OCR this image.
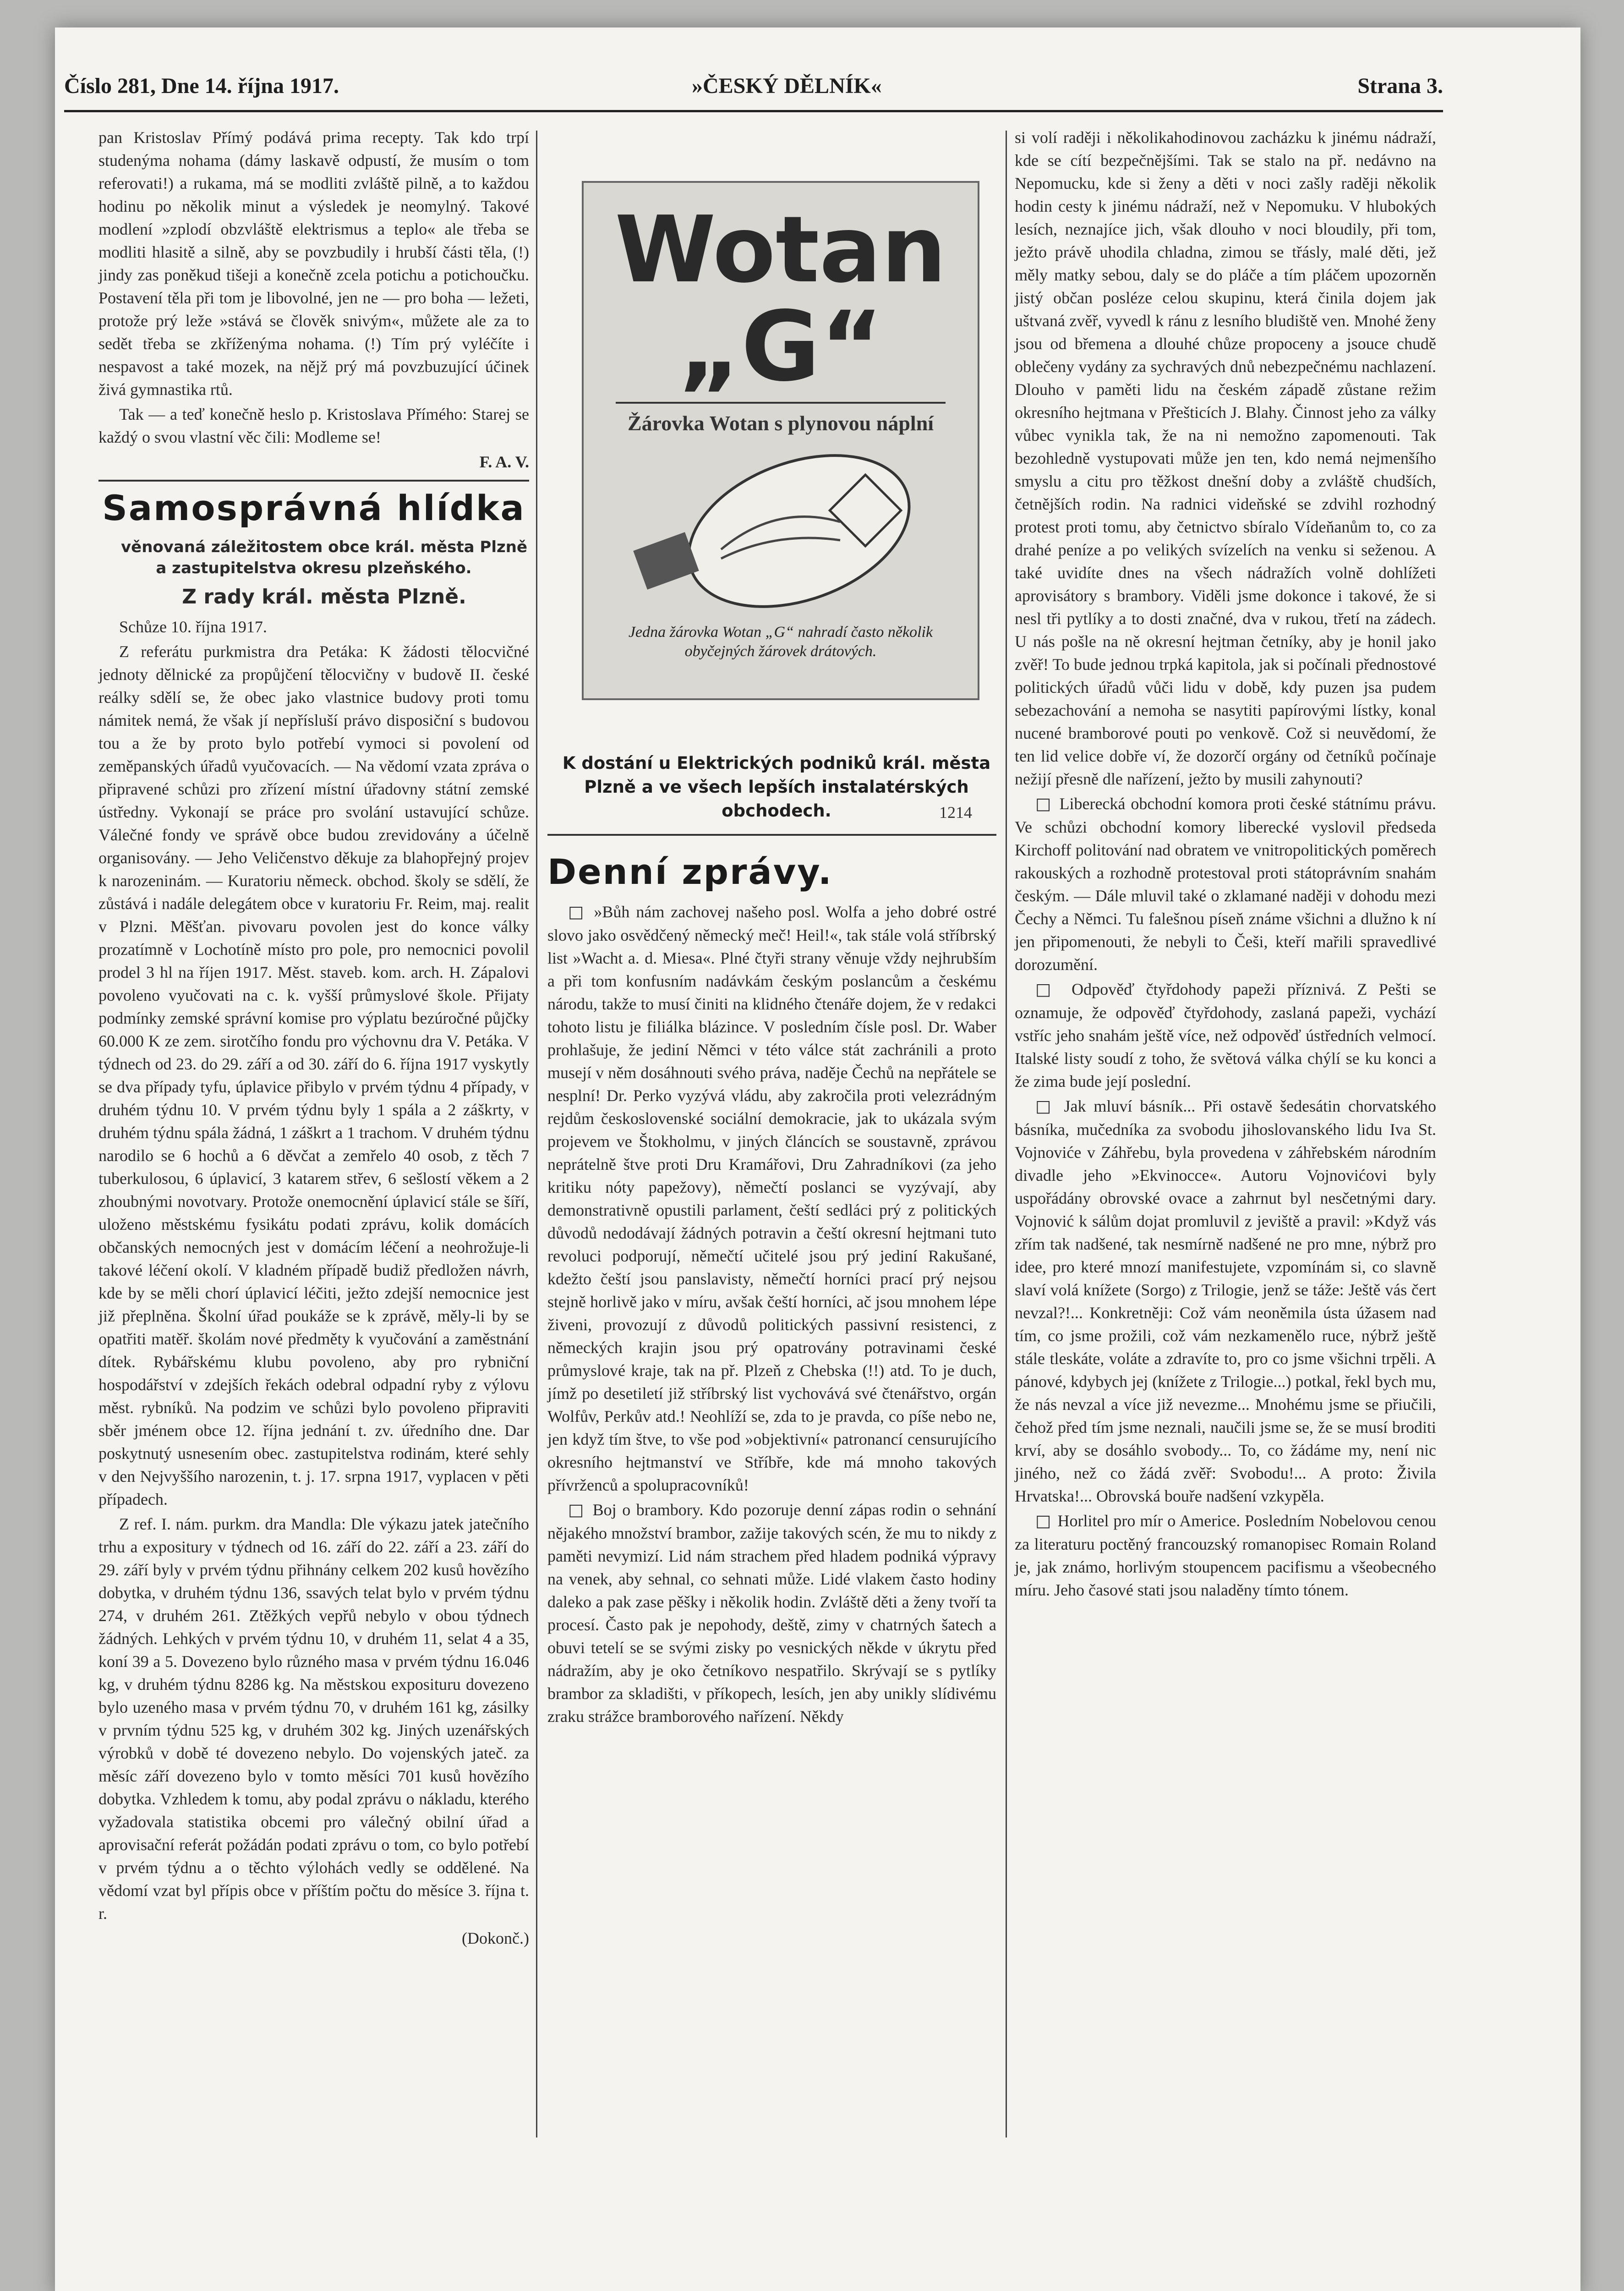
Číslo 281, Dne 14. října 1917.	»ČESKÝ DĚLNÍK«	Strana 3.

pan Kristoslav Přímý podává prima recepty. Tak kdo trpí studenýma nohama (dámy laskavě odpustí, že musím o tom referovati!) a rukama, má se modliti zvláště pilně, a to každou hodinu po několik minut a výsledek je neomylný. Takové modlení »zplodí obzvláště elektrismus a teplo« ale třeba se modliti hlasitě a silně, aby se povzbudily i hrubší části těla, (!) jindy zas poněkud tišeji a konečně zcela potichu a potichoučku. Postavení těla při tom je libovolné, jen ne — pro boha — ležeti, protože prý leže »stává se člověk snivým«, můžete ale za to sedět třeba se zkříženýma nohama. (!) Tím prý vyléčíte i nespavost a také mozek, na nějž prý má povzbuzující účinek živá gymnastika rtů.

Tak — a teď konečně heslo p. Kristoslava Přímého: Starej se každý o svou vlastní věc čili: Modleme se!

F. A. V.
Samosprávná hlídka

věnovaná záležitostem obce král. města Plzně a zastupitelstva okresu plzeňského.

Z rady král. města Plzně.

Schůze 10. října 1917.

Z referátu purkmistra dra Petáka: K žádosti tělocvičné jednoty dělnické za propůjčení tělocvičny v budově II. české reálky sdělí se, že obec jako vlastnice budovy proti tomu námitek nemá, že však jí nepřísluší právo disposiční s budovou tou a že by proto bylo potřebí vymoci si povolení od zeměpanských úřadů vyučovacích. — Na vědomí vzata zpráva o připravené schůzi pro zřízení místní úřadovny státní zemské ústředny. Vykonají se práce pro svolání ustavující schůze. Válečné fondy ve správě obce budou zrevidovány a účelně organisovány. — Jeho Veličenstvo děkuje za blahopřejný projev k narozeninám. — Kuratoriu německ. obchod. školy se sdělí, že zůstává i nadále delegátem obce v kuratoriu Fr. Reim, maj. realit v Plzni. Měšťan. pivovaru povolen jest do konce války prozatímně v Lochotíně místo pro pole, pro nemocnici povolil prodel 3 hl na říjen 1917. Měst. staveb. kom. arch. H. Zápalovi povoleno vyučovati na c. k. vyšší průmyslové škole. Přijaty podmínky zemské správní komise pro výplatu bezúročné půjčky 60.000 K ze zem. sirotčího fondu pro výchovnu dra V. Petáka. V týdnech od 23. do 29. září a od 30. září do 6. října 1917 vyskytly se dva případy tyfu, úplavice přibylo v prvém týdnu 4 případy, v druhém týdnu 10. V prvém týdnu byly 1 spála a 2 záškrty, v druhém týdnu spála žádná, 1 záškrt a 1 trachom. V druhém týdnu narodilo se 6 hochů a 6 děvčat a zemřelo 40 osob, z těch 7 tuberkulosou, 6 úplavicí, 3 katarem střev, 6 sešlostí věkem a 2 zhoubnými novotvary. Protože onemocnění úplavicí stále se šíří, uloženo městskému fysikátu podati zprávu, kolik domácích občanských nemocných jest v domácím léčení a neohrožuje-li takové léčení okolí. V kladném případě budiž předložen návrh, kde by se měli chorí úplavicí léčiti, ježto zdejší nemocnice jest již přeplněna. Školní úřad poukáže se k zprávě, měly-li by se opatřiti matěř. školám nové předměty k vyučování a zaměstnání dítek. Rybářskému klubu povoleno, aby pro rybniční hospodářství v zdejších řekách odebral odpadní ryby z výlovu měst. rybníků. Na podzim ve schůzi bylo povoleno připraviti sběr jménem obce 12. října jednání t. zv. úředního dne. Dar poskytnutý usnesením obec. zastupitelstva rodinám, které sehly v den Nejvyššího narozenin, t. j. 17. srpna 1917, vyplacen v pěti případech.

Z ref. I. nám. purkm. dra Mandla: Dle výkazu jatek jatečního trhu a expositury v týdnech od 16. září do 22. září a 23. září do 29. září byly v prvém týdnu přihnány celkem 202 kusů hovězího dobytka, v druhém týdnu 136, ssavých telat bylo v prvém týdnu 274, v druhém 261. Ztěžkých vepřů nebylo v obou týdnech žádných. Lehkých v prvém týdnu 10, v druhém 11, selat 4 a 35, koní 39 a 5. Dovezeno bylo různého masa v prvém týdnu 16.046 kg, v druhém týdnu 8286 kg. Na městskou exposituru dovezeno bylo uzeného masa v prvém týdnu 70, v druhém 161 kg, zásilky v prvním týdnu 525 kg, v druhém 302 kg. Jiných uzenářských výrobků v době té dovezeno nebylo. Do vojenských jateč. za měsíc září dovezeno bylo v tomto měsíci 701 kusů hovězího dobytka. Vzhledem k tomu, aby podal zprávu o nákladu, kterého vyžadovala statistika obcemi pro válečný obilní úřad a aprovisační referát požádán podati zprávu o tom, co bylo potřebí v prvém týdnu a o těchto výlohách vedly se oddělené. Na vědomí vzat byl přípis obce v příštím počtu do měsíce 3. října t. r.

(Dokonč.)
Wotan
„G“
Žárovka Wotan s plynovou náplní
Jedna žárovka Wotan „G“ nahradí často několik obyčejných žárovek drátových.
K dostání u Elektrických podniků král. města Plzně a ve všech lepších instalatérských obchodech.	1214
Denní zprávy.

□ »Bůh nám zachovej našeho posl. Wolfa a jeho dobré ostré slovo jako osvědčený německý meč! Heil!«, tak stále volá stříbrský list »Wacht a. d. Miesa«. Plné čtyři strany věnuje vždy nejhrubším a při tom konfusním nadávkám českým poslancům a českému národu, takže to musí činiti na klidného čtenáře dojem, že v redakci tohoto listu je filiálka blázince. V posledním čísle posl. Dr. Waber prohlašuje, že jediní Němci v této válce stát zachránili a proto musejí v něm dosáhnouti svého práva, naděje Čechů na nepřátele se nesplní! Dr. Perko vyzývá vládu, aby zakročila proti velezrádným rejdům československé sociální demokracie, jak to ukázala svým projevem ve Štokholmu, v jiných článcích se soustavně, zprávou neprátelně štve proti Dru Kramářovi, Dru Zahradníkovi (za jeho kritiku nóty papežovy), němečtí poslanci se vyzývají, aby demonstrativně opustili parlament, čeští sedláci prý z politických důvodů nedodávají žádných potravin a čeští okresní hejtmani tuto revoluci podporují, němečtí učitelé jsou prý jediní Rakušané, kdežto čeští jsou panslavisty, němečtí horníci prací prý nejsou stejně horlivě jako v míru, avšak čeští horníci, ač jsou mnohem lépe živeni, provozují z důvodů politických passivní resistenci, z německých krajin jsou prý opatrovány potravinami české průmyslové kraje, tak na př. Plzeň z Chebska (!!) atd. To je duch, jímž po desetiletí již stříbrský list vychovává své čtenářstvo, orgán Wolfův, Perkův atd.! Neohlíží se, zda to je pravda, co píše nebo ne, jen když tím štve, to vše pod »objektivní« patronancí censurujícího okresního hejtmanství ve Stříbře, kde má mnoho takových přívrženců a spolupracovníků!

□ Boj o brambory. Kdo pozoruje denní zápas rodin o sehnání nějakého množství brambor, zažije takových scén, že mu to nikdy z paměti nevymizí. Lid nám strachem před hladem podniká výpravy na venek, aby sehnal, co sehnati může. Lidé vlakem často hodiny daleko a pak zase pěšky i několik hodin. Zvláště děti a ženy tvoří ta procesí. Často pak je nepohody, deště, zimy v chatrných šatech a obuvi tetelí se se svými zisky po vesnických někde v úkrytu před nádražím, aby je oko četníkovo nespatřilo. Skrývají se s pytlíky brambor za skladišti, v příkopech, lesích, jen aby unikly slídivému zraku strážce bramborového nařízení. Někdy

si volí raději i několikahodinovou zacházku k jinému nádraží, kde se cítí bezpečnějšími. Tak se stalo na př. nedávno na Nepomucku, kde si ženy a děti v noci zašly raději několik hodin cesty k jinému nádraží, než v Nepomuku. V hlubokých lesích, neznajíce jich, však dlouho v noci bloudily, při tom, ježto právě uhodila chladna, zimou se třásly, malé děti, jež měly matky sebou, daly se do pláče a tím pláčem upozorněn jistý občan posléze celou skupinu, která činila dojem jak uštvaná zvěř, vyvedl k ránu z lesního bludiště ven. Mnohé ženy jsou od břemena a dlouhé chůze propoceny a jsouce chudě oblečeny vydány za sychravých dnů nebezpečnému nachlazení. Dlouho v paměti lidu na českém západě zůstane režim okresního hejtmana v Přešticích J. Blahy. Činnost jeho za války vůbec vynikla tak, že na ni nemožno zapomenouti. Tak bezohledně vystupovati může jen ten, kdo nemá nejmenšího smyslu a citu pro těžkost dnešní doby a zvláště chudších, četnějších rodin. Na radnici videňské se zdvihl rozhodný protest proti tomu, aby četnictvo sbíralo Vídeňanům to, co za drahé peníze a po velikých svízelích na venku si seženou. A také uvidíte dnes na všech nádražích volně dohlížeti aprovisátory s brambory. Viděli jsme dokonce i takové, že si nesl tři pytlíky a to dosti značné, dva v rukou, třetí na zádech. U nás pošle na ně okresní hejtman četníky, aby je honil jako zvěř! To bude jednou trpká kapitola, jak si počínali přednostové politických úřadů vůči lidu v době, kdy puzen jsa pudem sebezachování a nemoha se nasytiti papírovými lístky, konal nucené bramborové pouti po venkově. Což si neuvědomí, že ten lid velice dobře ví, že dozorčí orgány od četníků počínaje nežijí přesně dle nařízení, ježto by musili zahynouti?

□ Liberecká obchodní komora proti české státnímu právu. Ve schůzi obchodní komory liberecké vyslovil předseda Kirchoff politování nad obratem ve vnitropolitických poměrech rakouských a rozhodně protestoval proti státoprávním snahám českým. — Dále mluvil také o zklamané naději v dohodu mezi Čechy a Němci. Tu falešnou píseň známe všichni a dlužno k ní jen připomenouti, že nebyli to Češi, kteří mařili spravedlivé dorozumění.

□ Odpověď čtyřdohody papeži příznivá. Z Pešti se oznamuje, že odpověď čtyřdohody, zaslaná papeži, vychází vstříc jeho snahám ještě více, než odpověď ústředních velmocí. Italské listy soudí z toho, že světová válka chýlí se ku konci a že zima bude její poslední.

□ Jak mluví básník... Při ostavě šedesátin chorvatského básníka, mučedníka za svobodu jihoslovanského lidu Iva St. Vojnoviće v Záhřebu, byla provedena v záhřebském národním divadle jeho »Ekvinocce«. Autoru Vojnovićovi byly uspořádány obrovské ovace a zahrnut byl nesčetnými dary. Vojnović k sálům dojat promluvil z jeviště a pravil: »Když vás zřím tak nadšené, tak nesmírně nadšené ne pro mne, nýbrž pro idee, pro které mnozí manifestujete, vzpomínám si, co slavně slaví volá knížete (Sorgo) z Trilogie, jenž se táže: Ještě vás čert nevzal?!... Konkretněji: Což vám neoněmila ústa úžasem nad tím, co jsme prožili, což vám nezkamenělo ruce, nýbrž ještě stále tleskáte, voláte a zdravíte to, pro co jsme všichni trpěli. A pánové, kdybych jej (knížete z Trilogie...) potkal, řekl bych mu, že nás nevzal a více již nevezme... Mnohému jsme se přiučili, čehož před tím jsme neznali, naučili jsme se, že se musí broditi krví, aby se dosáhlo svobody... To, co žádáme my, není nic jiného, než co žádá zvěř: Svobodu!... A proto: Živila Hrvatska!... Obrovská bouře nadšení vzkypěla.

□ Horlitel pro mír o Americe. Posledním Nobelovou cenou za literaturu poctěný francouzský romanopisec Romain Roland je, jak známo, horlivým stoupencem pacifismu a všeobecného míru. Jeho časové stati jsou naladěny tímto tónem.
